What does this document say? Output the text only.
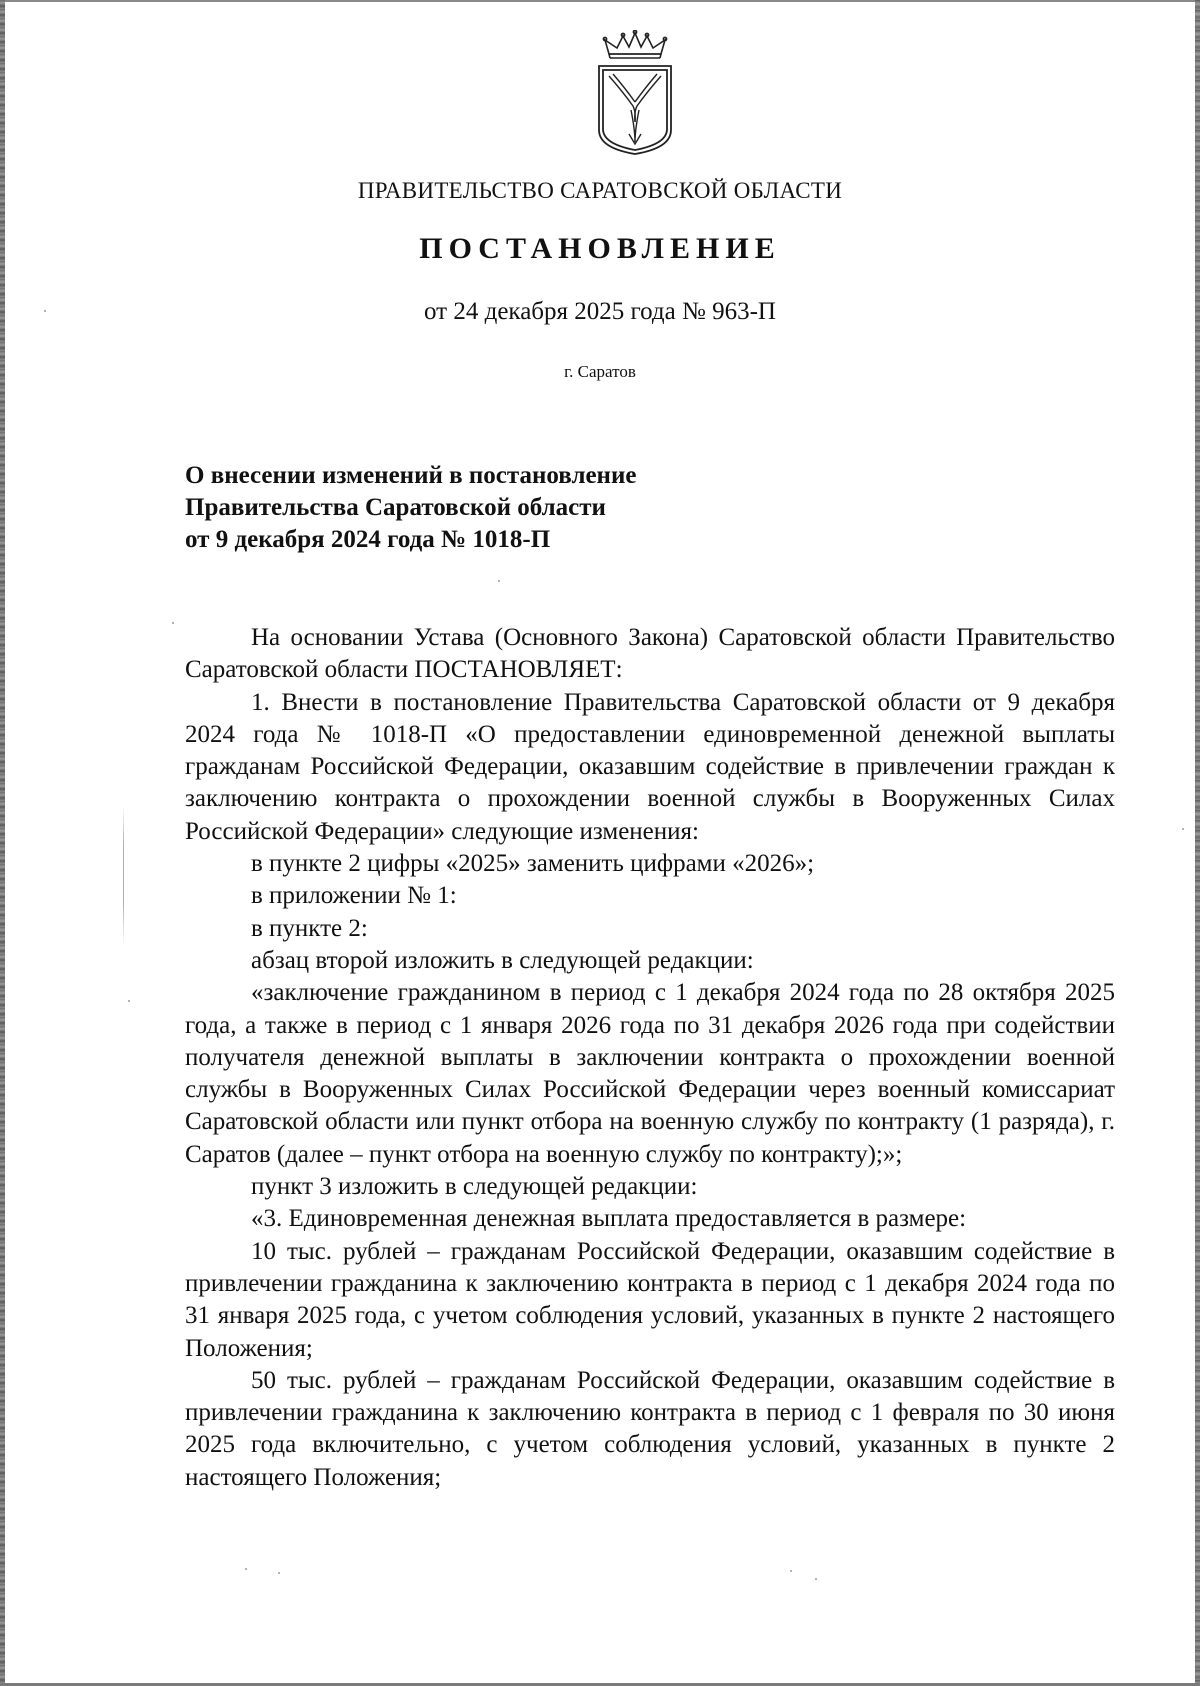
ПРАВИТЕЛЬСТВО САРАТОВСКОЙ ОБЛАСТИ
ПОСТАНОВЛЕНИЕ
от 24 декабря 2025 года № 963-П
г. Саратов
О внесении изменений в постановление
Правительства Саратовской области
от 9 декабря 2024 года № 1018-П

На основании Устава (Основного Закона) Саратовской области Правительство Саратовской области ПОСТАНОВЛЯЕТ:

1. Внести в постановление Правительства Саратовской области от 9 декабря 2024 года № 1018-П «О предоставлении единовременной денежной выплаты гражданам Российской Федерации, оказавшим содействие в привлечении граждан к заключению контракта о прохождении военной службы в Вооруженных Силах Российской Федерации» следующие изменения:

в пункте 2 цифры «2025» заменить цифрами «2026»;

в приложении № 1:

в пункте 2:

абзац второй изложить в следующей редакции:

«заключение гражданином в период с 1 декабря 2024 года по 28 октября 2025 года, а также в период с 1 января 2026 года по 31 декабря 2026 года при содействии получателя денежной выплаты в заключении контракта о прохождении военной службы в Вооруженных Силах Российской Федерации через военный комиссариат Саратовской области или пункт отбора на военную службу по контракту (1 разряда), г. Саратов (далее – пункт отбора на военную службу по контракту);»;

пункт 3 изложить в следующей редакции:

«3. Единовременная денежная выплата предоставляется в размере:

10 тыс. рублей – гражданам Российской Федерации, оказавшим содействие в привлечении гражданина к заключению контракта в период с 1 декабря 2024 года по 31 января 2025 года, с учетом соблюдения условий, указанных в пункте 2 настоящего Положения;

50 тыс. рублей – гражданам Российской Федерации, оказавшим содействие в привлечении гражданина к заключению контракта в период с 1 февраля по 30 июня 2025 года включительно, с учетом соблюдения условий, указанных в пункте 2 настоящего Положения;
